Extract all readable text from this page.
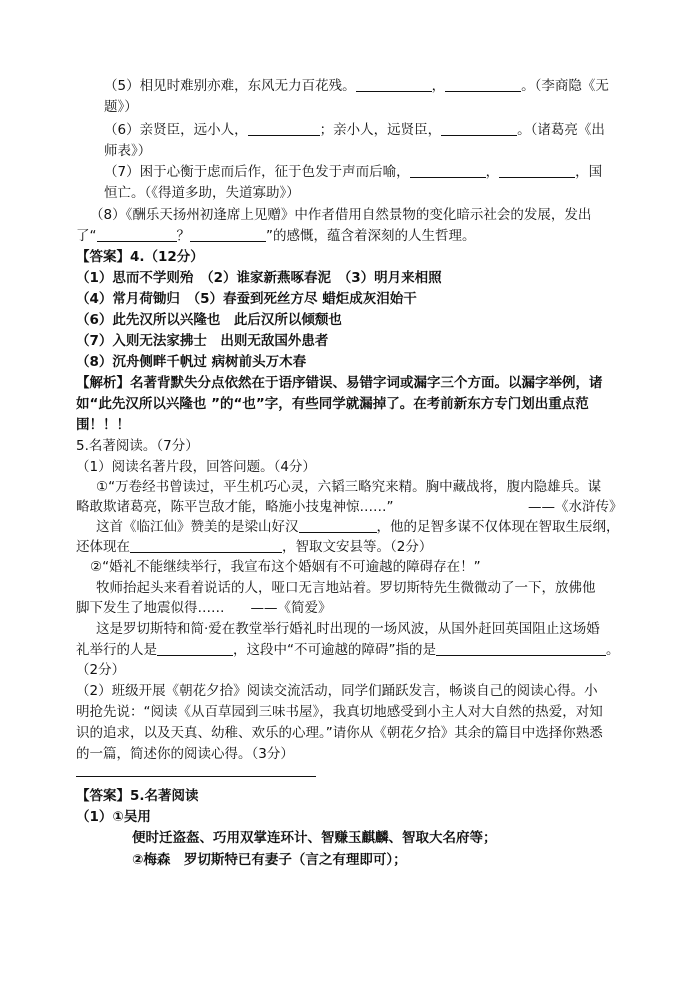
（5）相见时难别亦难，东风无力百花残。	，	。（李商隐《无
题》）
（6）亲贤臣，远小人，	；亲小人，远贤臣，	。（诸葛亮《出
师表》）
（7）困于心衡于虑而后作，征于色发于声而后喻，	，	，国
恒亡。（《得道多助，失道寡助》）
（8）《酬乐天扬州初逢席上见赠》中作者借用自然景物的变化暗示社会的发展，发出
了“	？	”的感慨，蕴含着深刻的人生哲理。
【答案】4.（12分）
（1）思而不学则殆　（2）谁家新燕啄春泥　（3）明月来相照
（4）常月荷锄归　（5）春蚕到死丝方尽 蜡炬成灰泪始干
（6）此先汉所以兴隆也　此后汉所以倾颓也
（7）入则无法家拂士　出则无敌国外患者
（8）沉舟侧畔千帆过 病树前头万木春
【解析】名著背默失分点依然在于语序错误、易错字词或漏字三个方面。以漏字举例，诸
如“此先汉所以兴隆也 ”的“也”字，有些同学就漏掉了。在考前新东方专门划出重点范
围！！！
5.名著阅读。（7分）
（1）阅读名著片段，回答问题。（4分）
①“万卷经书曾读过，平生机巧心灵，六韬三略究来精。胸中藏战将，腹内隐雄兵。谋
略敢欺诸葛亮，陈平岂敌才能，略施小技鬼神惊……”	——《水浒传》
这首《临江仙》赞美的是梁山好汉	，他的足智多谋不仅体现在智取生辰纲，
还体现在	，智取文安县等。（2分）
②“婚礼不能继续举行，我宣布这个婚姻有不可逾越的障碍存在！”
牧师抬起头来看着说话的人，哑口无言地站着。罗切斯特先生微微动了一下，放佛他
脚下发生了地震似得…… ——《简爱》
这是罗切斯特和简·爱在教堂举行婚礼时出现的一场风波，从国外赶回英国阻止这场婚
礼举行的人是	，这段中“不可逾越的障碍”指的是	。
（2分）
（2）班级开展《朝花夕拾》阅读交流活动，同学们踊跃发言，畅谈自己的阅读心得。小
明抢先说：“阅读《从百草园到三味书屋》，我真切地感受到小主人对大自然的热爱，对知
识的追求，以及天真、幼稚、欢乐的心理。”请你从《朝花夕拾》其余的篇目中选择你熟悉
的一篇，简述你的阅读心得。（3分）
【答案】5.名著阅读
（1）①吴用
便时迁盗盔、巧用双掌连环计、智赚玉麒麟、智取大名府等；
②梅森　罗切斯特已有妻子（言之有理即可）；
